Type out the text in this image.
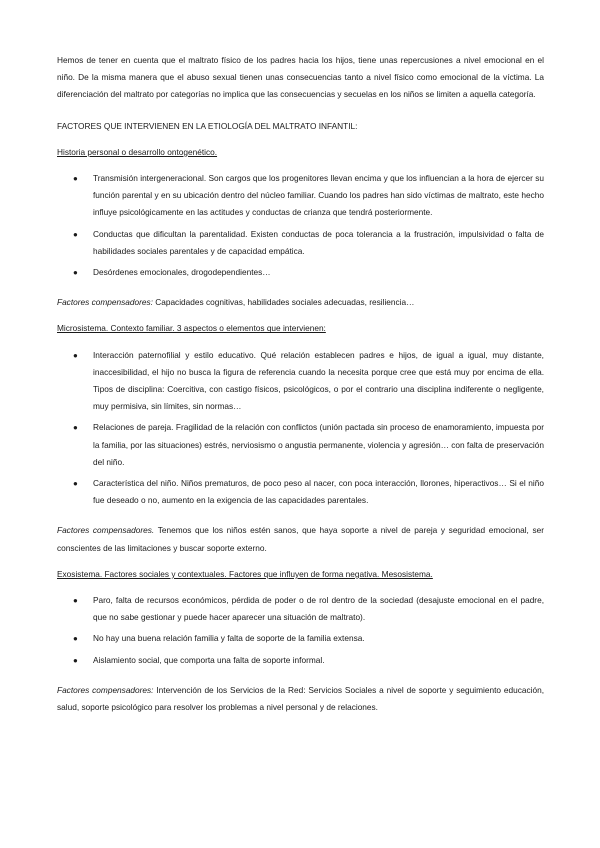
Hemos de tener en cuenta que el maltrato físico de los padres hacia los hijos, tiene unas repercusiones a nivel emocional en el niño. De la misma manera que el abuso sexual tienen unas consecuencias tanto a nivel físico como emocional de la víctima. La diferenciación del maltrato por categorías no implica que las consecuencias y secuelas en los niños se limiten a aquella categoría.

FACTORES QUE INTERVIENEN EN LA ETIOLOGÍA DEL MALTRATO INFANTIL:

Historia personal o desarrollo ontogenético.

● Transmisión intergeneracional. Son cargos que los progenitores llevan encima y que los influencian a la hora de ejercer su función parental y en su ubicación dentro del núcleo familiar. Cuando los padres han sido víctimas de maltrato, este hecho influye psicológicamente en las actitudes y conductas de crianza que tendrá posteriormente.
● Conductas que dificultan la parentalidad. Existen conductas de poca tolerancia a la frustración, impulsividad o falta de habilidades sociales parentales y de capacidad empática.
● Desórdenes emocionales, drogodependientes…

Factores compensadores: Capacidades cognitivas, habilidades sociales adecuadas, resiliencia…

Microsistema. Contexto familiar. 3 aspectos o elementos que intervienen:

● Interacción paternofilial y estilo educativo. Qué relación establecen padres e hijos, de igual a igual, muy distante, inaccesibilidad, el hijo no busca la figura de referencia cuando la necesita porque cree que está muy por encima de ella. Tipos de disciplina: Coercitiva, con castigo físicos, psicológicos, o por el contrario una disciplina indiferente o negligente, muy permisiva, sin límites, sin normas…
● Relaciones de pareja. Fragilidad de la relación con conflictos (unión pactada sin proceso de enamoramiento, impuesta por la familia, por las situaciones) estrés, nerviosismo o angustia permanente, violencia y agresión… con falta de preservación del niño.
● Característica del niño. Niños prematuros, de poco peso al nacer, con poca interacción, llorones, hiperactivos… Si el niño fue deseado o no, aumento en la exigencia de las capacidades parentales.

Factores compensadores. Tenemos que los niños estén sanos, que haya soporte a nivel de pareja y seguridad emocional, ser conscientes de las limitaciones y buscar soporte externo.

Exosistema. Factores sociales y contextuales. Factores que influyen de forma negativa. Mesosistema.

● Paro, falta de recursos económicos, pérdida de poder o de rol dentro de la sociedad (desajuste emocional en el padre, que no sabe gestionar y puede hacer aparecer una situación de maltrato).
● No hay una buena relación familia y falta de soporte de la familia extensa.
● Aislamiento social, que comporta una falta de soporte informal.

Factores compensadores: Intervención de los Servicios de la Red: Servicios Sociales a nivel de soporte y seguimiento educación, salud, soporte psicológico para resolver los problemas a nivel personal y de relaciones.
